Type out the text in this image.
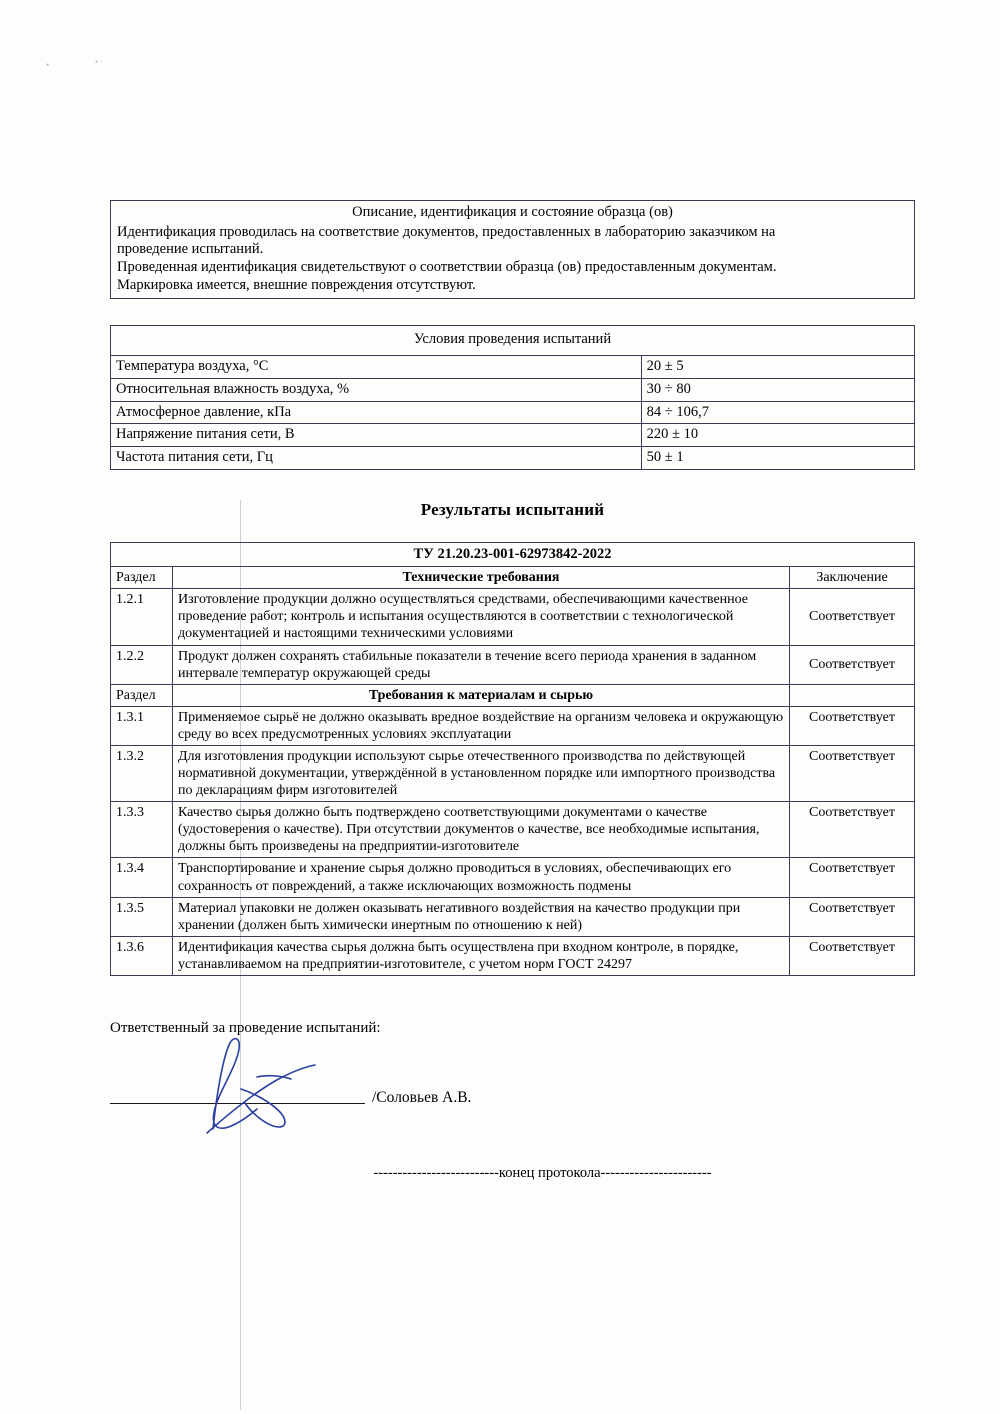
•	• ·
Описание, идентификация и состояние образца (ов)

Идентификация проводилась на соответствие документов, предоставленных в лабораторию заказчиком на
проведение испытаний.
Проведенная идентификация свидетельствуют о соответствии образца (ов) предоставленным документам.
Маркировка имеется, внешние повреждения отсутствуют.
Условия проведения испытаний	
Температура воздуха, °С	20 ± 5
Относительная влажность воздуха, %	30 ÷ 80
Атмосферное давление, кПа	84 ÷ 106,7
Напряжение питания сети, В	220 ± 10
Частота питания сети, Гц	50 ± 1
Результаты испытаний
ТУ 21.20.23-001-62973842-2022		
Раздел	Технические требования	Заключение
1.2.1	Изготовление продукции должно осуществляться средствами, обеспечивающими качественное проведение работ; контроль и испытания осуществляются в соответствии с технологической документацией и настоящими техническими условиями	Соответствует
1.2.2	Продукт должен сохранять стабильные показатели в течение всего периода хранения в заданном интервале температур окружающей среды	Соответствует
Раздел	Требования к материалам и сырью	
1.3.1	Применяемое сырьё не должно оказывать вредное воздействие на организм человека и окружающую среду во всех предусмотренных условиях эксплуатации	Соответствует
1.3.2	Для изготовления продукции используют сырье отечественного производства по действующей нормативной документации, утверждённой в установленном порядке или импортного производства по декларациям фирм изготовителей	Соответствует
1.3.3	Качество сырья должно быть подтверждено соответствующими документами о качестве (удостоверения о качестве). При отсутствии документов о качестве, все необходимые испытания, должны быть произведены на предприятии-изготовителе	Соответствует
1.3.4	Транспортирование и хранение сырья должно проводиться в условиях, обеспечивающих его сохранность от повреждений, а также исключающих возможность подмены	Соответствует
1.3.5	Материал упаковки не должен оказывать негативного воздействия на качество продукции при хранении (должен быть химически инертным по отношению к ней)	Соответствует
1.3.6	Идентификация качества сырья должна быть осуществлена при входном контроле, в порядке, устанавливаемом на предприятии-изготовителе, с учетом норм ГОСТ 24297	Соответствует
Ответственный за проведение испытаний:
/Соловьев А.В.
--------------------------конец протокола-----------------------
